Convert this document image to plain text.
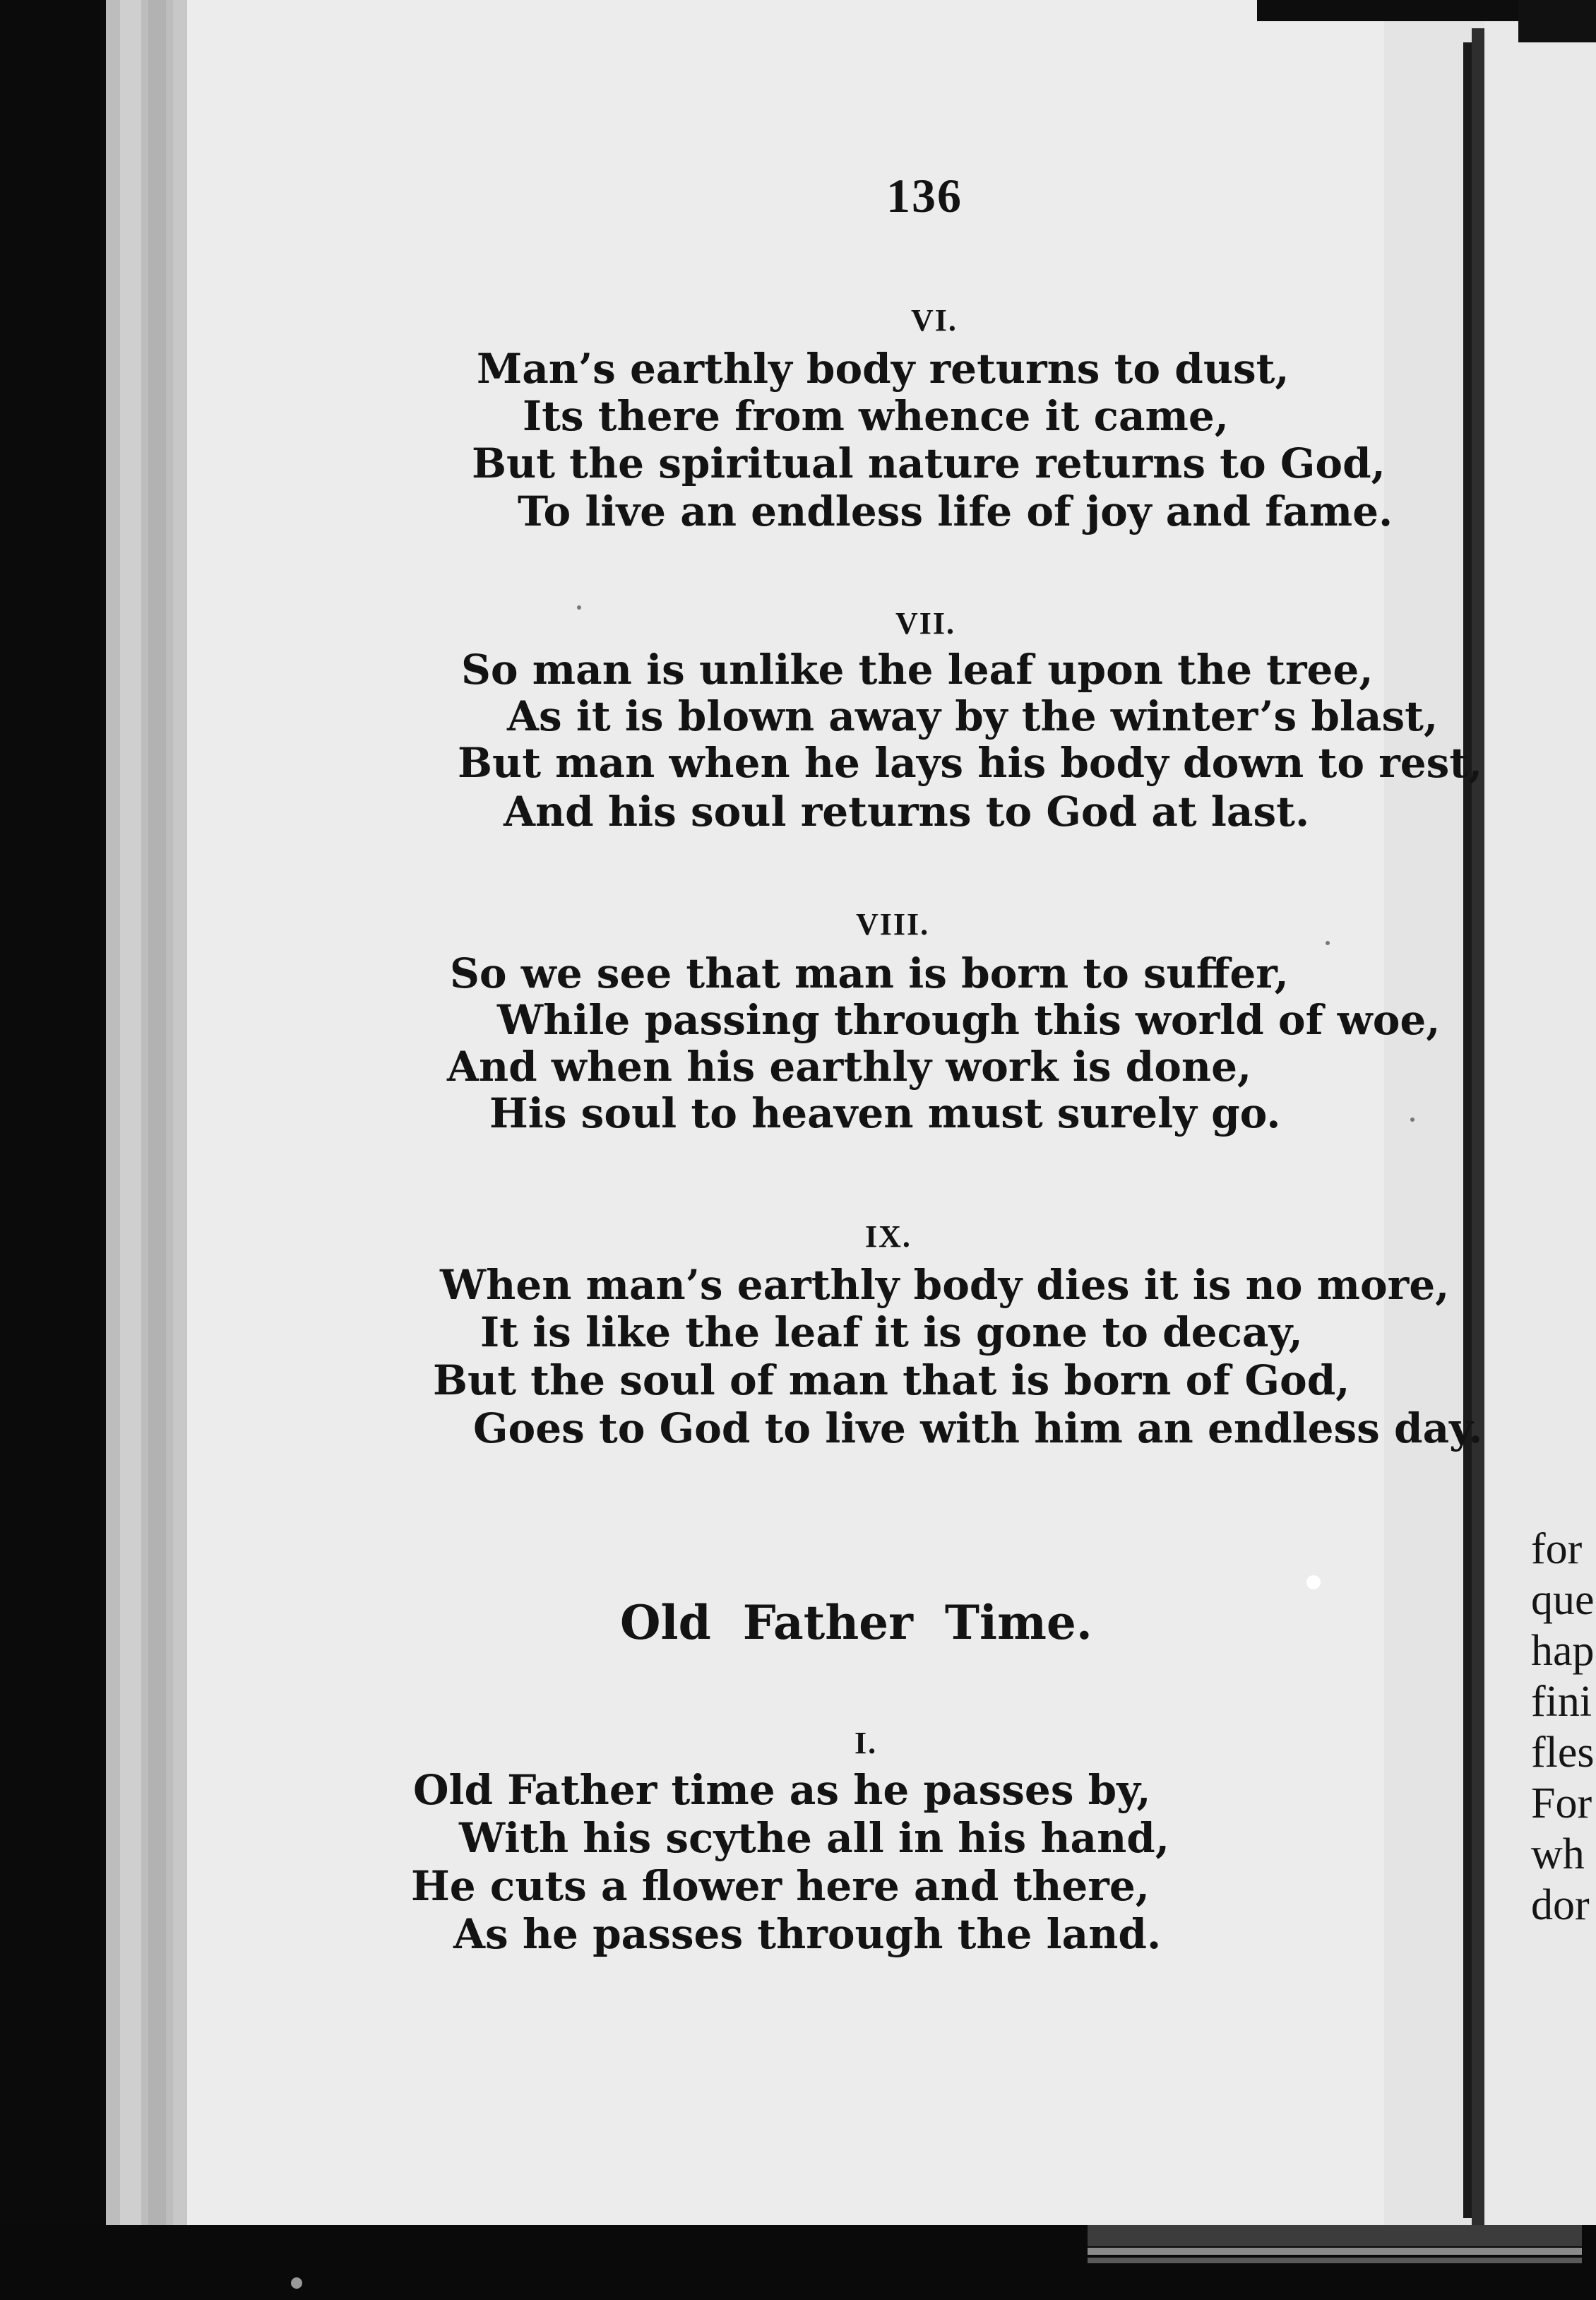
136
VI.
Man’s earthly body returns to dust,
Its there from whence it came,
But the spiritual nature returns to God,
To live an endless life of joy and fame.
VII.
So man is unlike the leaf upon the tree,
As it is blown away by the winter’s blast,
But man when he lays his body down to rest,
And his soul returns to God at last.
VIII.
So we see that man is born to suffer,
While passing through this world of woe,
And when his earthly work is done,
His soul to heaven must surely go.
IX.
When man’s earthly body dies it is no more,
It is like the leaf it is gone to decay,
But the soul of man that is born of God,
Goes to God to live with him an endless day.
Old Father Time.
I.
Old Father time as he passes by,
With his scythe all in his hand,
He cuts a flower here and there,
As he passes through the land.
for
que
hap
fini
fles
For
wh
dor
